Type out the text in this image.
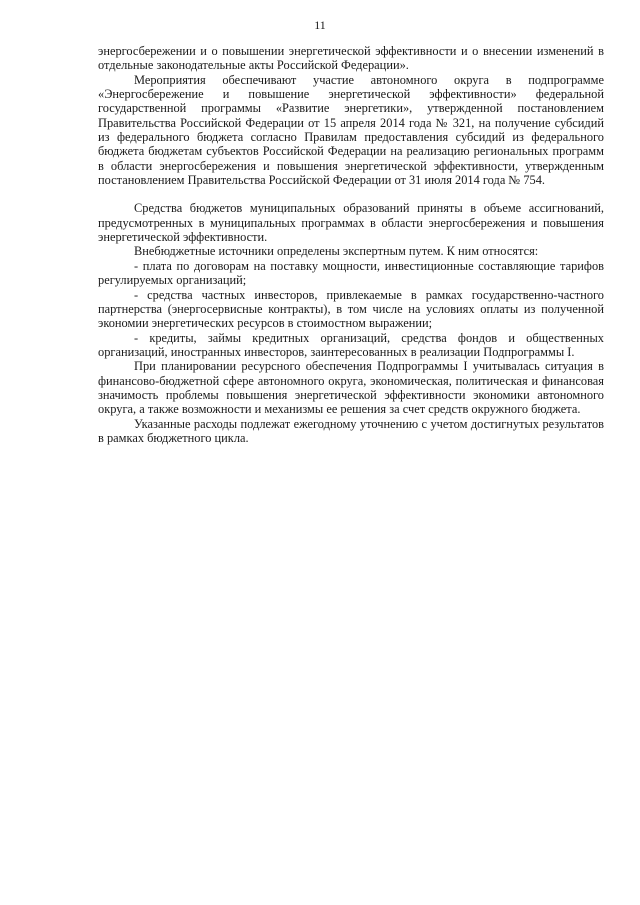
11

энергосбережении и о повышении энергетической эффективности и о внесении изменений в отдельные законодательные акты Российской Федерации».

Мероприятия обеспечивают участие автономного округа в подпрограмме «Энергосбережение и повышение энергетической эффективности» федеральной государственной программы «Развитие энергетики», утвержденной постановлением Правительства Российской Федерации от 15 апреля 2014 года № 321, на получение субсидий из федерального бюджета согласно Правилам предоставления субсидий из федерального бюджета бюджетам субъектов Российской Федерации на реализацию региональных программ в области энергосбережения и повышения энергетической эффективности, утвержденным постановлением Правительства Российской Федерации от 31 июля 2014 года № 754.

Средства бюджетов муниципальных образований приняты в объеме ассигнований, предусмотренных в муниципальных программах в области энергосбережения и повышения энергетической эффективности.

Внебюджетные источники определены экспертным путем. К ним относятся:

- плата по договорам на поставку мощности, инвестиционные составляющие тарифов регулируемых организаций;

- средства частных инвесторов, привлекаемые в рамках государственно-частного партнерства (энергосервисные контракты), в том числе на условиях оплаты из полученной экономии энергетических ресурсов в стоимостном выражении;

- кредиты, займы кредитных организаций, средства фондов и общественных организаций, иностранных инвесторов, заинтересованных в реализации Подпрограммы I.

При планировании ресурсного обеспечения Подпрограммы I учитывалась ситуация в финансово-бюджетной сфере автономного округа, экономическая, политическая и финансовая значимость проблемы повышения энергетической эффективности экономики автономного округа, а также возможности и механизмы ее решения за счет средств окружного бюджета.

Указанные расходы подлежат ежегодному уточнению с учетом достигнутых результатов в рамках бюджетного цикла.
